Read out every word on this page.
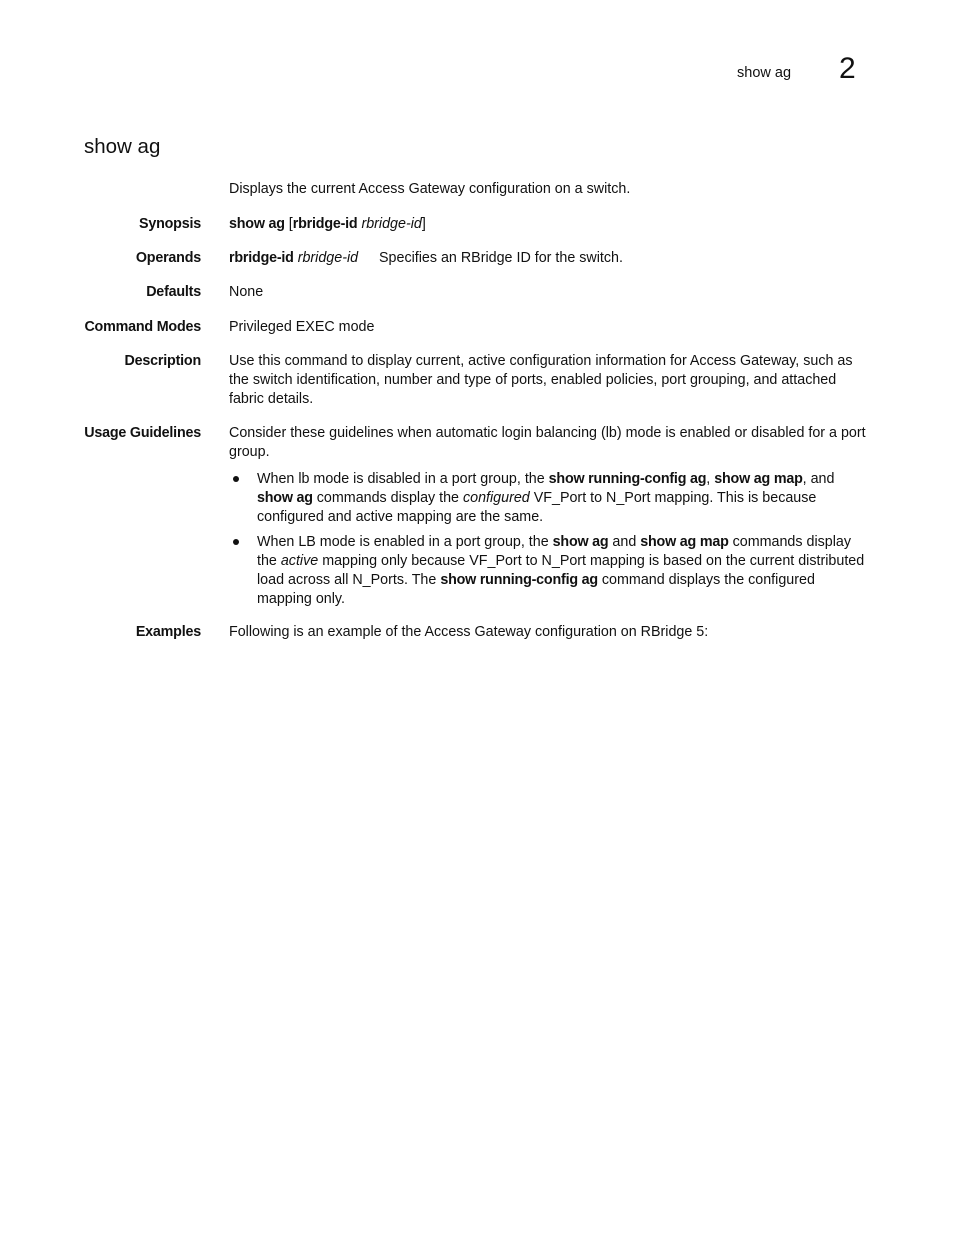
show ag 2
show ag
Displays the current Access Gateway configuration on a switch.
Synopsis show ag [rbridge-id rbridge-id]
Operands rbridge-id rbridge-id Specifies an RBridge ID for the switch.
Defaults None
Command Modes Privileged EXEC mode
Description Use this command to display current, active configuration information for Access Gateway, such as the switch identification, number and type of ports, enabled policies, port grouping, and attached fabric details.
Usage Guidelines Consider these guidelines when automatic login balancing (lb) mode is enabled or disabled for a port group.

When lb mode is disabled in a port group, the show running-config ag, show ag map, and show ag commands display the configured VF_Port to N_Port mapping. This is because configured and active mapping are the same.
When LB mode is enabled in a port group, the show ag and show ag map commands display the active mapping only because VF_Port to N_Port mapping is based on the current distributed load across all N_Ports. The show running-config ag command displays the configured mapping only.
Examples Following is an example of the Access Gateway configuration on RBridge 5:
